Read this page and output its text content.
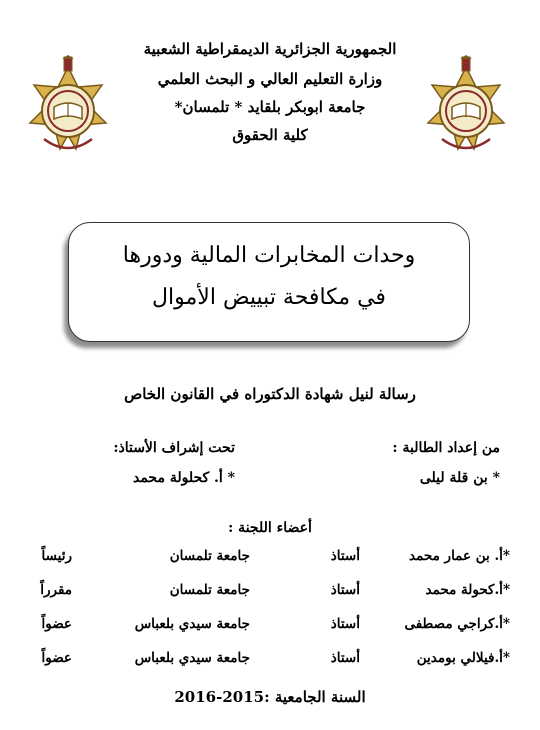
الجمهورية الجزائرية الديمقراطية الشعبية
وزارة التعليم العالي و البحث العلمي
جامعة ابوبكر بلقايد * تلمسان*
كلية الحقوق
وحدات المخابرات المالية ودورها
في مكافحة تبييض الأموال
رسالة لنيل شهادة الدكتوراه في القانون الخاص
من إعداد الطالبة :
* بن قلة ليلى
تحت إشراف الأستاذ:
* أ. كحلولة محمد
أعضاء اللجنة :
*أ. بن عمار محمد
أستاذ
جامعة تلمسان
رئيساً
*أ.كحولة محمد
أستاذ
جامعة تلمسان
مقرراً
*أ.كراجي مصطفى
أستاذ
جامعة سيدي بلعباس
عضواً
*أ.فيلالي بومدين
أستاذ
جامعة سيدي بلعباس
عضواً
السنة الجامعية :2015-2016
